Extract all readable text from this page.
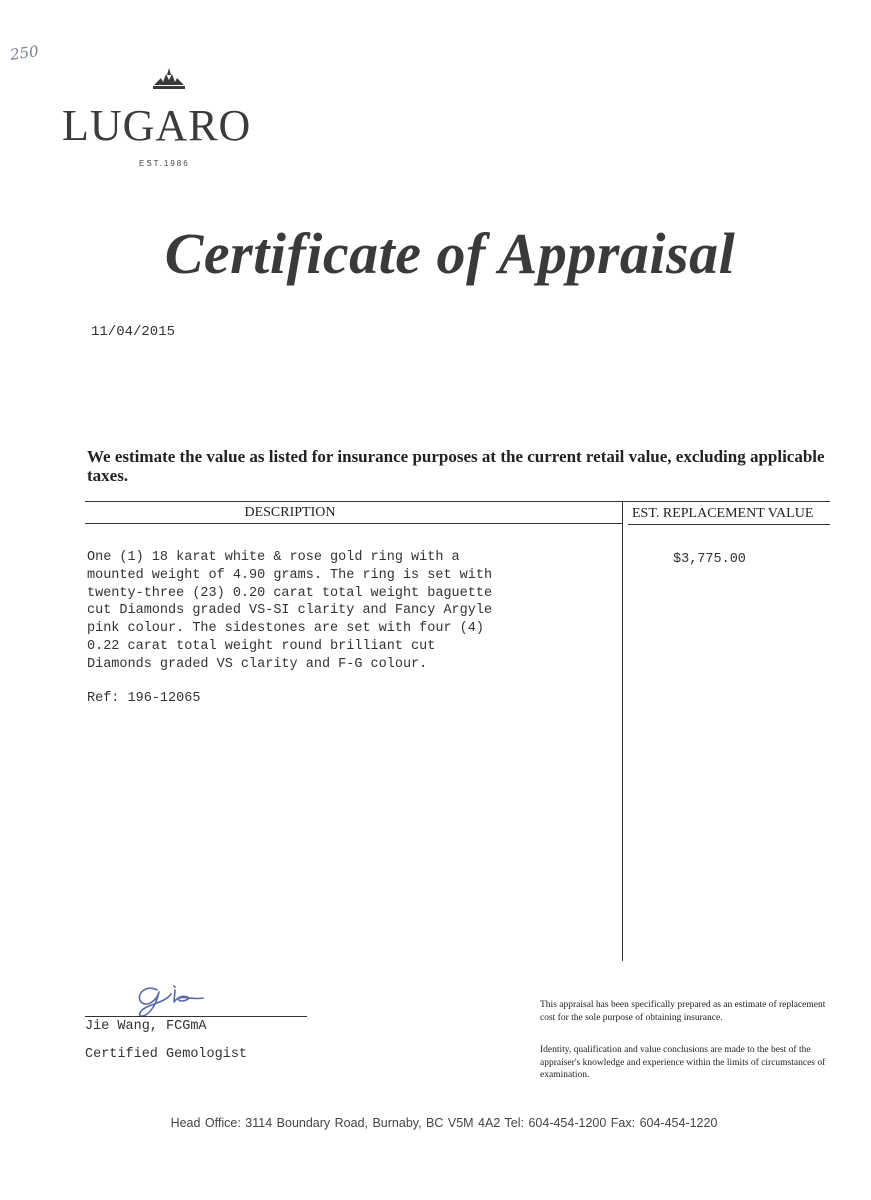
250
LUGARO
EST.1986
Certificate of Appraisal
11/04/2015
We estimate the value as listed for insurance purposes at the current retail value, excluding applicable taxes.
DESCRIPTION	EST. REPLACEMENT VALUE
One (1) 18 karat white & rose gold ring with a
mounted weight of 4.90 grams. The ring is set with
twenty-three (23) 0.20 carat total weight baguette
cut Diamonds graded VS-SI clarity and Fancy Argyle
pink colour. The sidestones are set with four (4)
0.22 carat total weight round brilliant cut
Diamonds graded VS clarity and F-G colour.
Ref: 196-12065
$3,775.00
Jie Wang, FCGmA
Certified Gemologist
This appraisal has been specifically prepared as an estimate of replacement cost for the sole purpose of obtaining insurance.
Identity, qualification and value conclusions are made to the best of the appraiser's knowledge and experience within the limits of circumstances of examination.
Head Office: 3114 Boundary Road, Burnaby, BC V5M 4A2 Tel: 604-454-1200 Fax: 604-454-1220
